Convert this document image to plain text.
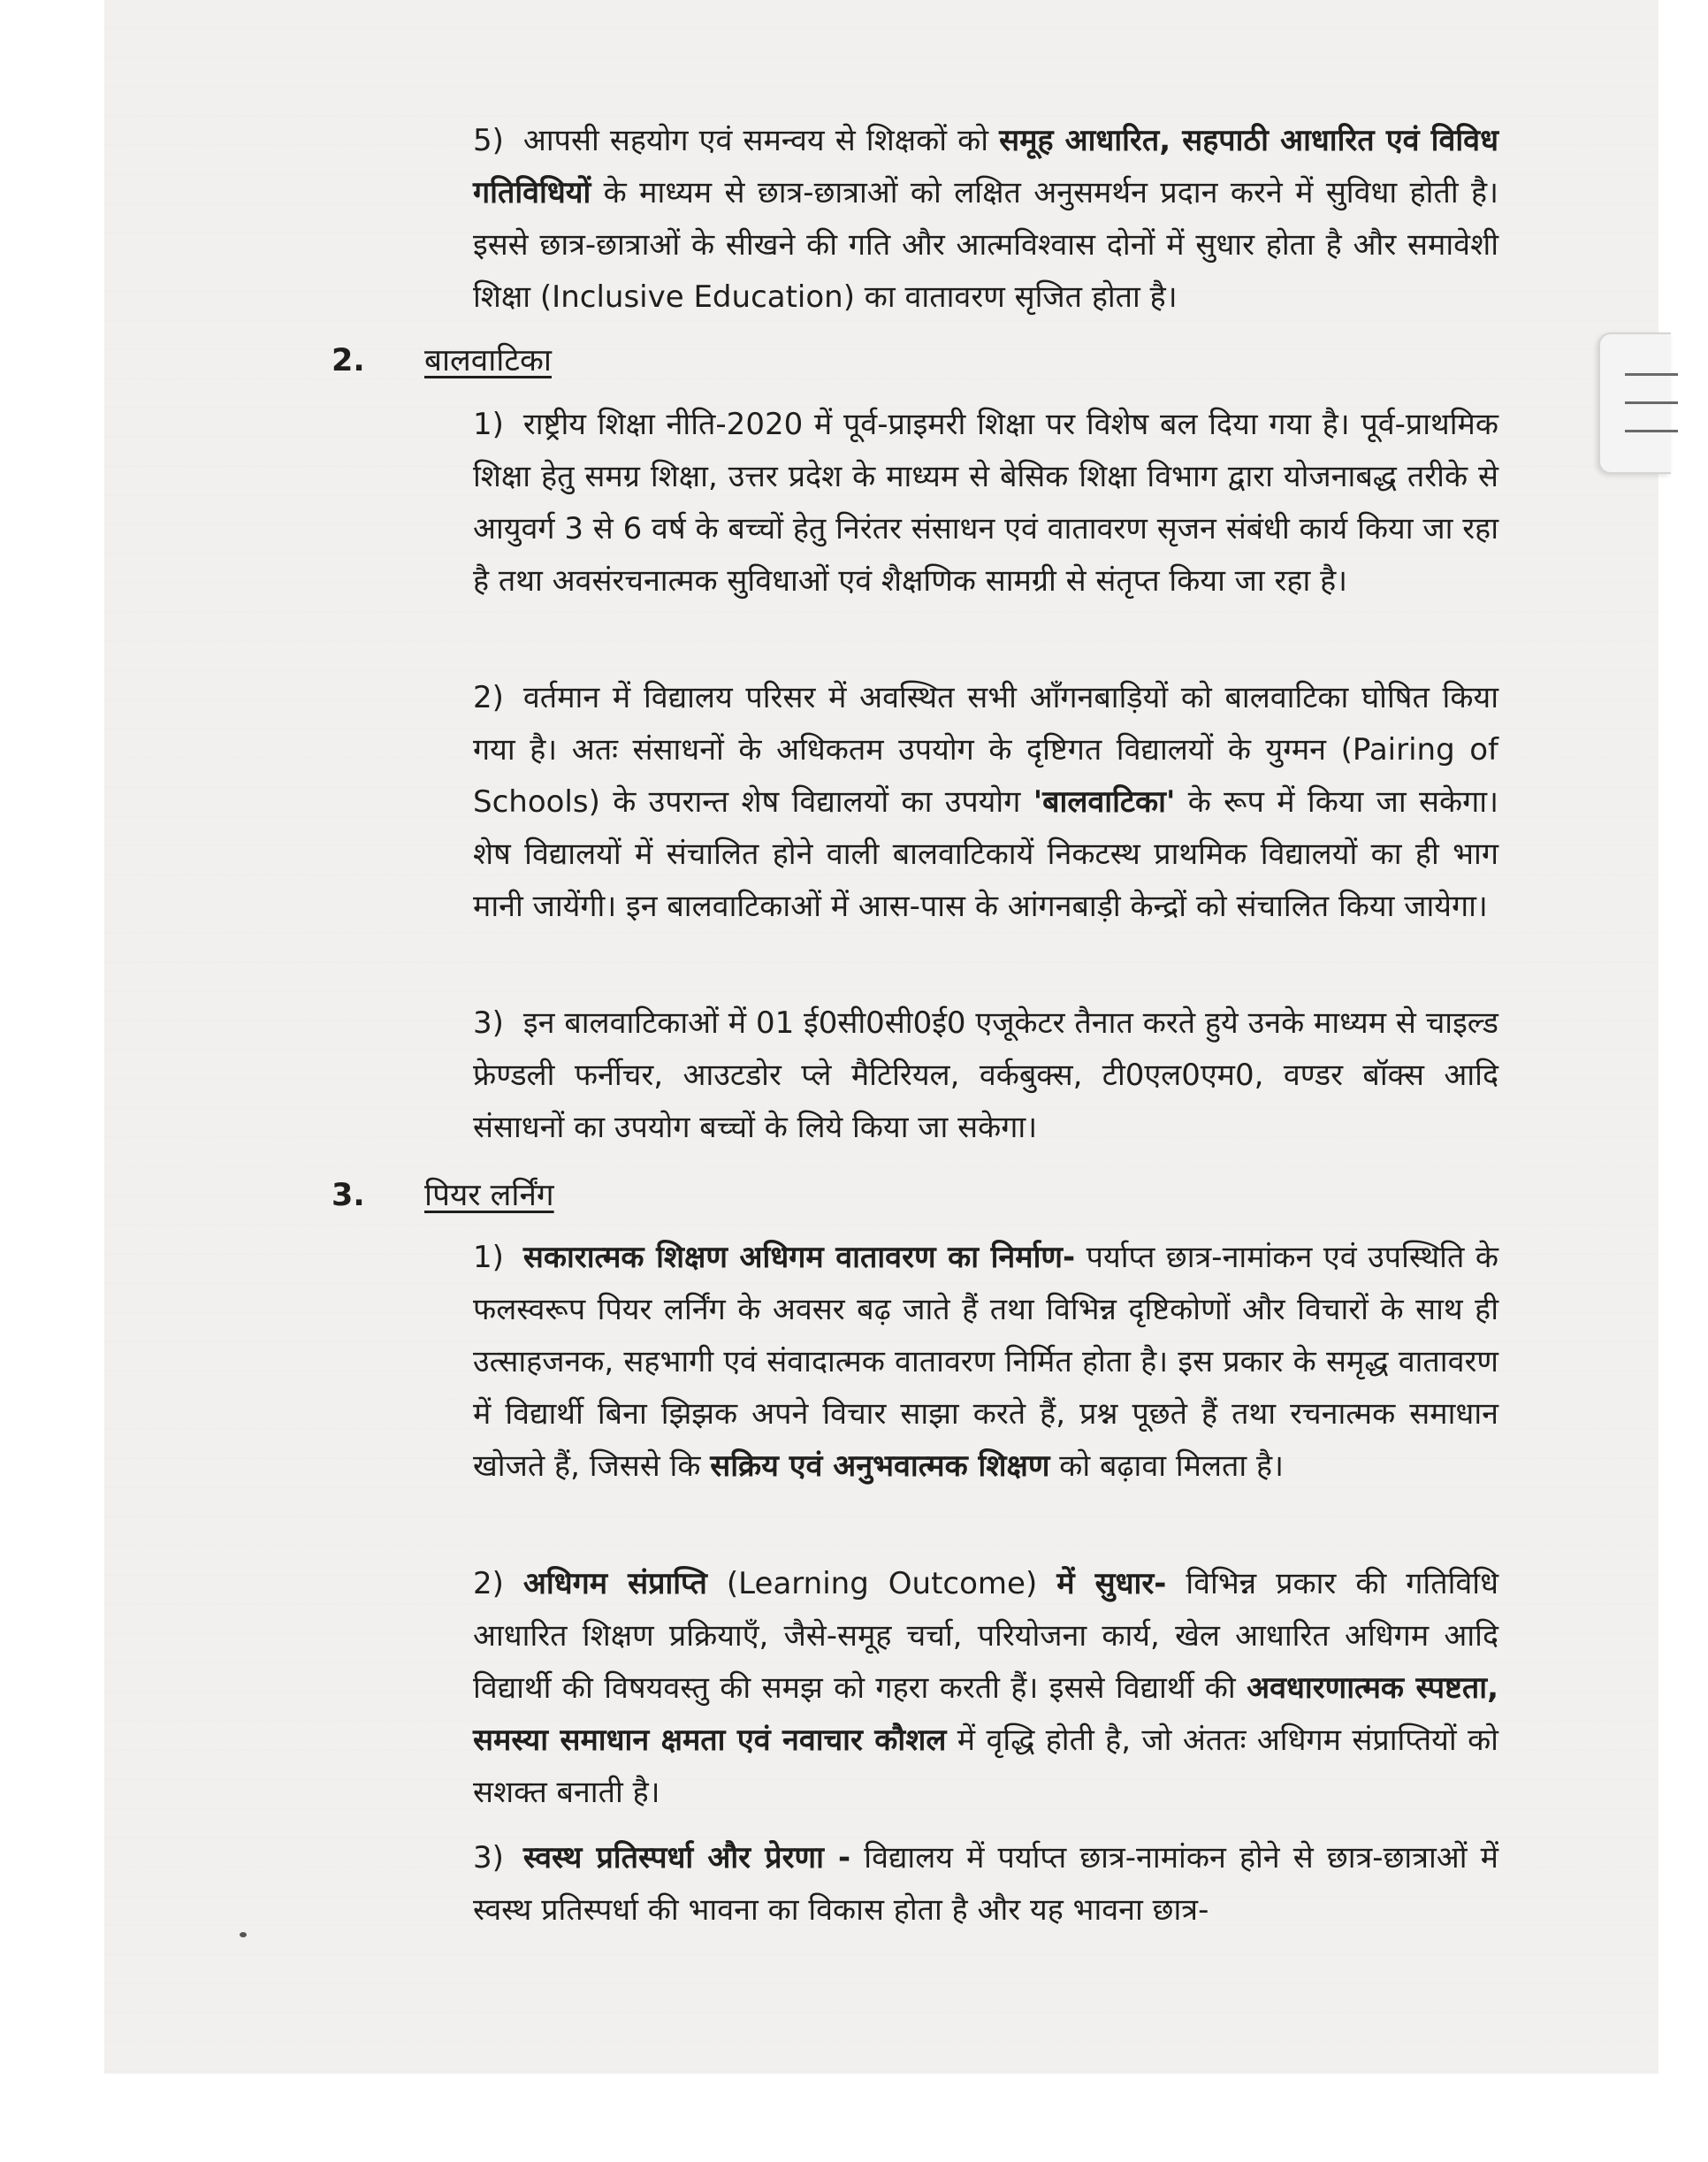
5) आपसी सहयोग एवं समन्वय से शिक्षकों को समूह आधारित, सहपाठी आधारित एवं विविध गतिविधियों के माध्यम से छात्र-छात्राओं को लक्षित अनुसमर्थन प्रदान करने में सुविधा होती है। इससे छात्र-छात्राओं के सीखने की गति और आत्मविश्वास दोनों में सुधार होता है और समावेशी शिक्षा (Inclusive Education) का वातावरण सृजित होता है।
2. बालवाटिका
1) राष्ट्रीय शिक्षा नीति-2020 में पूर्व-प्राइमरी शिक्षा पर विशेष बल दिया गया है। पूर्व-प्राथमिक शिक्षा हेतु समग्र शिक्षा, उत्तर प्रदेश के माध्यम से बेसिक शिक्षा विभाग द्वारा योजनाबद्ध तरीके से आयुवर्ग 3 से 6 वर्ष के बच्चों हेतु निरंतर संसाधन एवं वातावरण सृजन संबंधी कार्य किया जा रहा है तथा अवसंरचनात्मक सुविधाओं एवं शैक्षणिक सामग्री से संतृप्त किया जा रहा है।
2) वर्तमान में विद्यालय परिसर में अवस्थित सभी आँगनबाड़ियों को बालवाटिका घोषित किया गया है। अतः संसाधनों के अधिकतम उपयोग के दृष्टिगत विद्यालयों के युग्मन (Pairing of Schools) के उपरान्त शेष विद्यालयों का उपयोग 'बालवाटिका' के रूप में किया जा सकेगा। शेष विद्यालयों में संचालित होने वाली बालवाटिकायें निकटस्थ प्राथमिक विद्यालयों का ही भाग मानी जायेंगी। इन बालवाटिकाओं में आस-पास के आंगनबाड़ी केन्द्रों को संचालित किया जायेगा।
3) इन बालवाटिकाओं में 01 ई0सी0सी0ई0 एजूकेटर तैनात करते हुये उनके माध्यम से चाइल्ड फ्रेण्डली फर्नीचर, आउटडोर प्ले मैटिरियल, वर्कबुक्स, टी0एल0एम0, वण्डर बॉक्स आदि संसाधनों का उपयोग बच्चों के लिये किया जा सकेगा।
3. पियर लर्निंग
1) सकारात्मक शिक्षण अधिगम वातावरण का निर्माण- पर्याप्त छात्र-नामांकन एवं उपस्थिति के फलस्वरूप पियर लर्निंग के अवसर बढ़ जाते हैं तथा विभिन्न दृष्टिकोणों और विचारों के साथ ही उत्साहजनक, सहभागी एवं संवादात्मक वातावरण निर्मित होता है। इस प्रकार के समृद्ध वातावरण में विद्यार्थी बिना झिझक अपने विचार साझा करते हैं, प्रश्न पूछते हैं तथा रचनात्मक समाधान खोजते हैं, जिससे कि सक्रिय एवं अनुभवात्मक शिक्षण को बढ़ावा मिलता है।
2) अधिगम संप्राप्ति (Learning Outcome) में सुधार- विभिन्न प्रकार की गतिविधि आधारित शिक्षण प्रक्रियाएँ, जैसे-समूह चर्चा, परियोजना कार्य, खेल आधारित अधिगम आदि विद्यार्थी की विषयवस्तु की समझ को गहरा करती हैं। इससे विद्यार्थी की अवधारणात्मक स्पष्टता, समस्या समाधान क्षमता एवं नवाचार कौशल में वृद्धि होती है, जो अंततः अधिगम संप्राप्तियों को सशक्त बनाती है।
3) स्वस्थ प्रतिस्पर्धा और प्रेरणा - विद्यालय में पर्याप्त छात्र-नामांकन होने से छात्र-छात्राओं में स्वस्थ प्रतिस्पर्धा की भावना का विकास होता है और यह भावना छात्र-
